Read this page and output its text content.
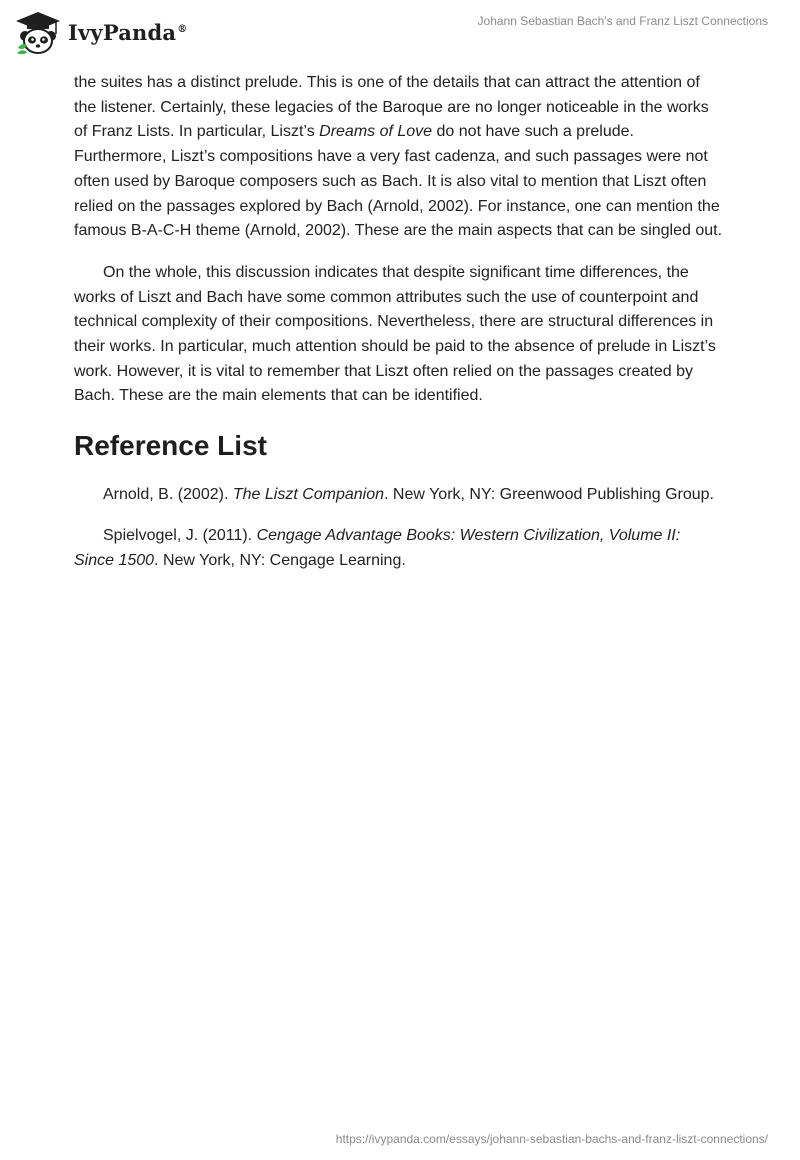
IvyPanda®
Johann Sebastian Bach's and Franz Liszt Connections

the suites has a distinct prelude. This is one of the details that can attract the attention of the listener. Certainly, these legacies of the Baroque are no longer noticeable in the works of Franz Lists. In particular, Liszt’s Dreams of Love do not have such a prelude. Furthermore, Liszt’s compositions have a very fast cadenza, and such passages were not often used by Baroque composers such as Bach. It is also vital to mention that Liszt often relied on the passages explored by Bach (Arnold, 2002). For instance, one can mention the famous B-A-C-H theme (Arnold, 2002). These are the main aspects that can be singled out.

On the whole, this discussion indicates that despite significant time differences, the works of Liszt and Bach have some common attributes such the use of counterpoint and technical complexity of their compositions. Nevertheless, there are structural differences in their works. In particular, much attention should be paid to the absence of prelude in Liszt’s work. However, it is vital to remember that Liszt often relied on the passages created by Bach. These are the main elements that can be identified.

Reference List

Arnold, B. (2002). The Liszt Companion. New York, NY: Greenwood Publishing Group.

Spielvogel, J. (2011). Cengage Advantage Books: Western Civilization, Volume II: Since 1500. New York, NY: Cengage Learning.

https://ivypanda.com/essays/johann-sebastian-bachs-and-franz-liszt-connections/
